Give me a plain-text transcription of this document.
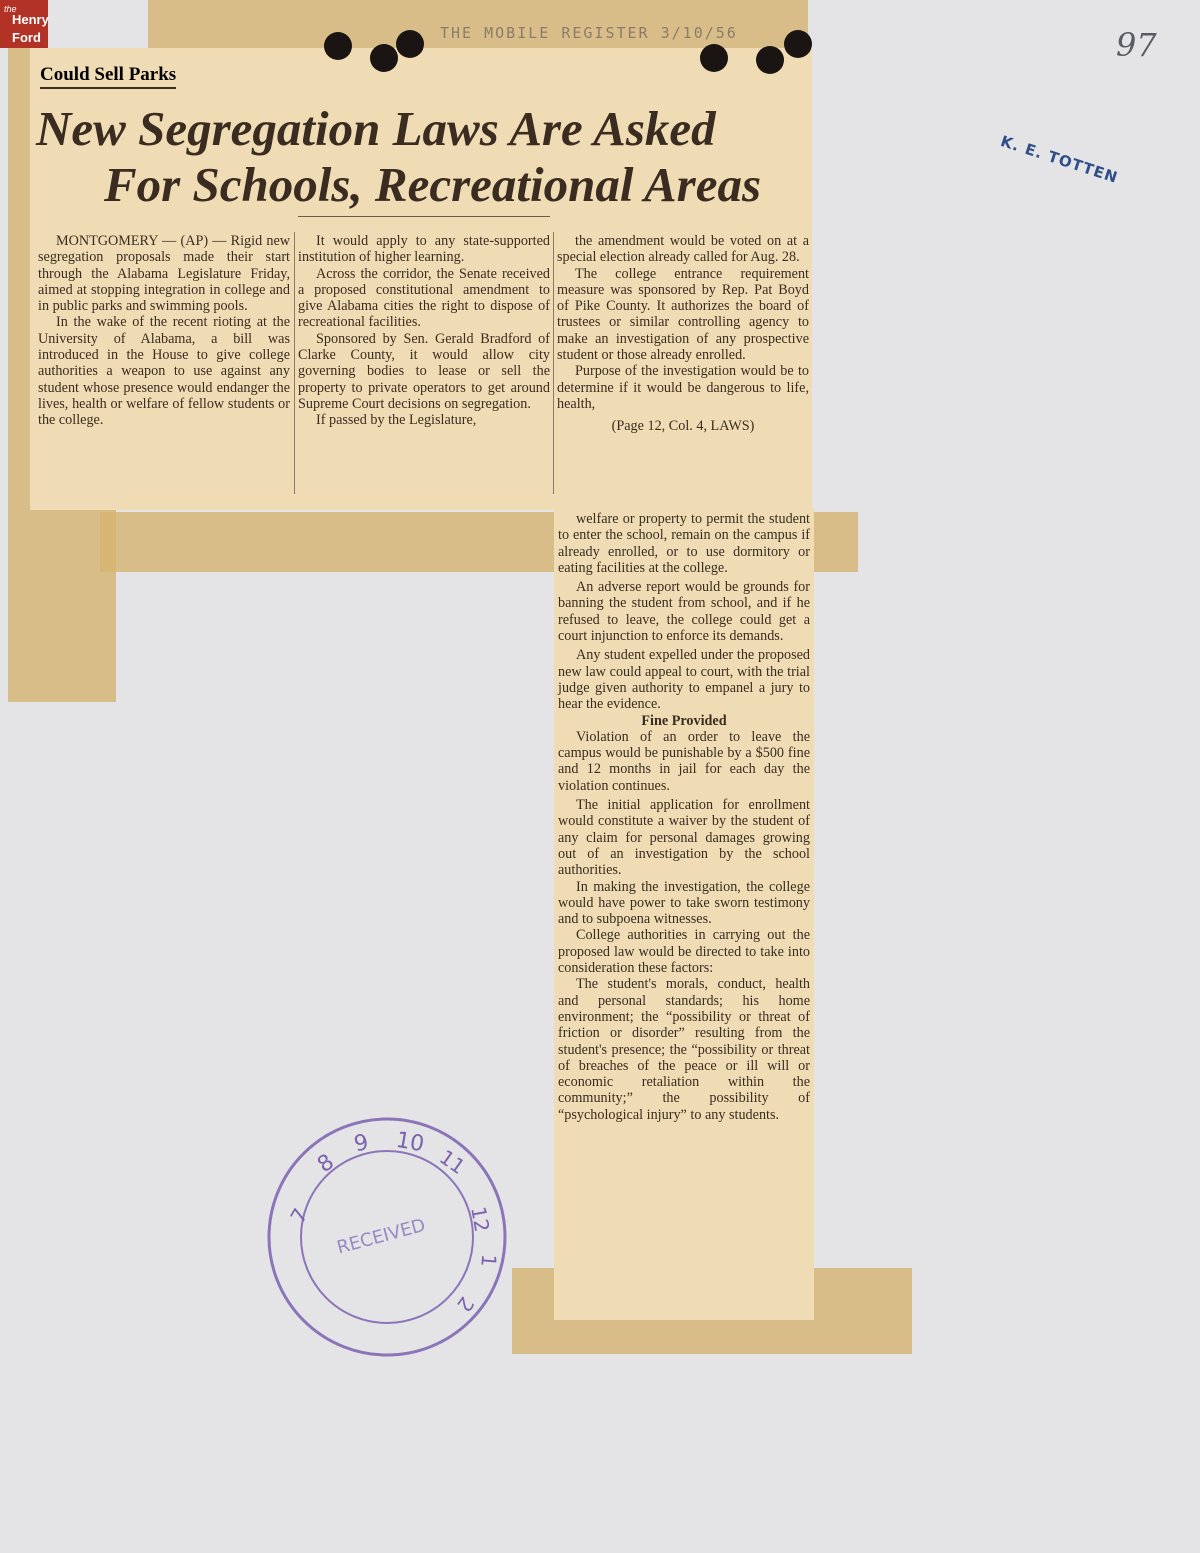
the
Henry
Ford	THE MOBILE REGISTER 3/10/56
Could Sell Parks
New Segregation Laws Are Asked
For Schools, Recreational Areas

MONTGOMERY — (AP) — Rigid new segregation proposals made their start through the Alabama Legislature Friday, aimed at stopping integration in college and in public parks and swimming pools.

In the wake of the recent rioting at the University of Alabama, a bill was introduced in the House to give college authorities a weapon to use against any student whose presence would endanger the lives, health or welfare of fellow students or the college.

It would apply to any state-supported institution of higher learning.

Across the corridor, the Senate received a proposed constitutional amendment to give Alabama cities the right to dispose of recreational facilities.

Sponsored by Sen. Gerald Bradford of Clarke County, it would allow city governing bodies to lease or sell the property to private operators to get around Supreme Court decisions on segregation.

If passed by the Legislature,

the amendment would be voted on at a special election already called for Aug. 28.

The college entrance requirement measure was sponsored by Rep. Pat Boyd of Pike County. It authorizes the board of trustees or similar controlling agency to make an investigation of any prospective student or those already enrolled.

Purpose of the investigation would be to determine if it would be dangerous to life, health,

(Page 12, Col. 4, LAWS)

welfare or property to permit the student to enter the school, remain on the campus if already enrolled, or to use dormitory or eating facilities at the college.

An adverse report would be grounds for banning the student from school, and if he refused to leave, the college could get a court injunction to enforce its demands.

Any student expelled under the proposed new law could appeal to court, with the trial judge given authority to empanel a jury to hear the evidence.

Fine Provided

Violation of an order to leave the campus would be punishable by a $500 fine and 12 months in jail for each day the violation continues.

The initial application for enrollment would constitute a waiver by the student of any claim for personal damages growing out of an investigation by the school authorities.

In making the investigation, the college would have power to take sworn testimony and to subpoena witnesses.

College authorities in carrying out the proposed law would be directed to take into consideration these factors:

The student's morals, conduct, health and personal standards; his home environment; the “possibility or threat of friction or disorder” resulting from the student's presence; the “possibility or threat of breaches of the peace or ill will or economic retaliation within the community;” the possibility of “psychological injury” to any students.

97
K. E. TOTTEN
7
8
9 10
11
12
1
2
RECEIVED
